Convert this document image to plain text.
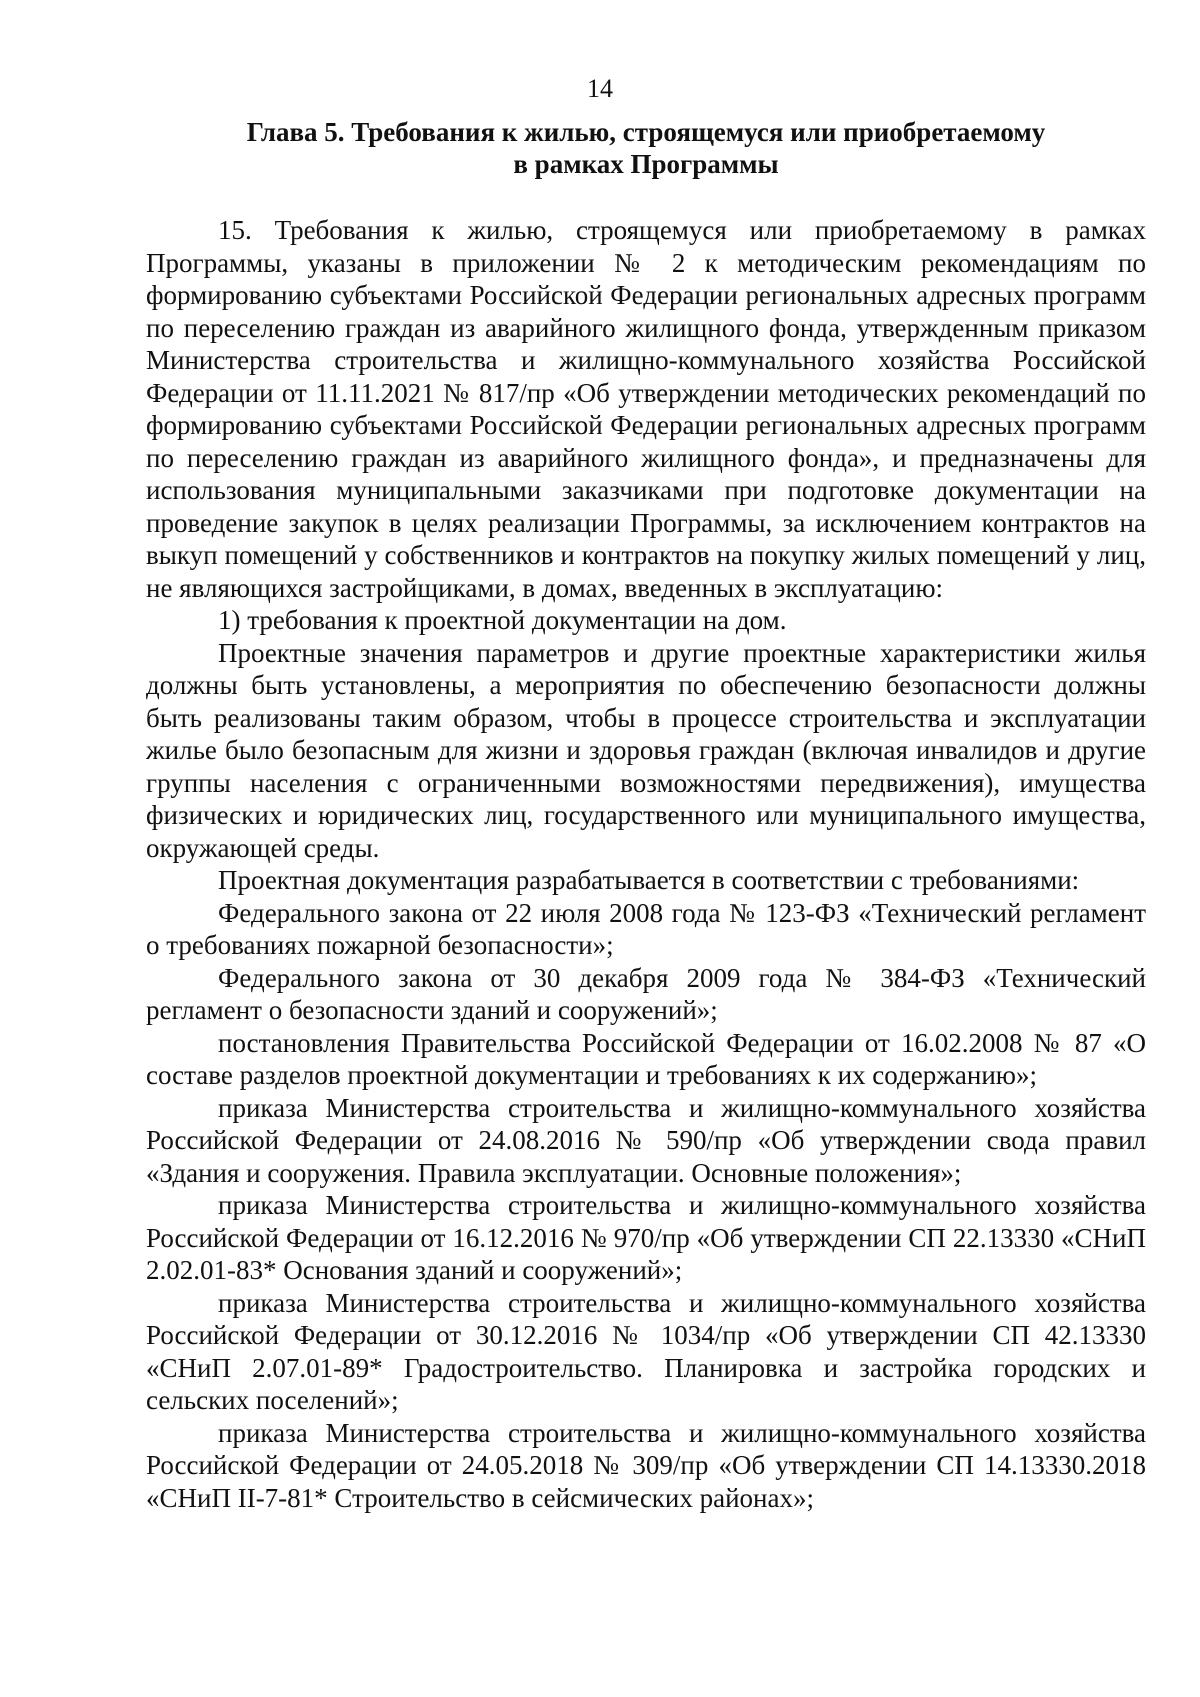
14
Глава 5. Требования к жилью, строящемуся или приобретаемому
в рамках Программы

15. Требования к жилью, строящемуся или приобретаемому в рамках Программы, указаны в приложении № 2 к методическим рекомендациям по формированию субъектами Российской Федерации региональных адресных программ по переселению граждан из аварийного жилищного фонда, утвержденным приказом Министерства строительства и жилищно-коммунального хозяйства Российской Федерации от 11.11.2021 № 817/пр «Об утверждении методических рекомендаций по формированию субъектами Российской Федерации региональных адресных программ по переселению граждан из аварийного жилищного фонда», и предназначены для использования муниципальными заказчиками при подготовке документации на проведение закупок в целях реализации Программы, за исключением контрактов на выкуп помещений у собственников и контрактов на покупку жилых помещений у лиц, не являющихся застройщиками, в домах, введенных в эксплуатацию:

1) требования к проектной документации на дом.

Проектные значения параметров и другие проектные характеристики жилья должны быть установлены, а мероприятия по обеспечению безопасности должны быть реализованы таким образом, чтобы в процессе строительства и эксплуатации жилье было безопасным для жизни и здоровья граждан (включая инвалидов и другие группы населения с ограниченными возможностями передвижения), имущества физических и юридических лиц, государственного или муниципального имущества, окружающей среды.

Проектная документация разрабатывается в соответствии с требованиями:

Федерального закона от 22 июля 2008 года № 123-ФЗ «Технический регламент о требованиях пожарной безопасности»;

Федерального закона от 30 декабря 2009 года № 384-ФЗ «Технический регламент о безопасности зданий и сооружений»;

постановления Правительства Российской Федерации от 16.02.2008 № 87 «О составе разделов проектной документации и требованиях к их содержанию»;

приказа Министерства строительства и жилищно-коммунального хозяйства Российской Федерации от 24.08.2016 № 590/пр «Об утверждении свода правил «Здания и сооружения. Правила эксплуатации. Основные положения»;

приказа Министерства строительства и жилищно-коммунального хозяйства Российской Федерации от 16.12.2016 № 970/пр «Об утверждении СП 22.13330 «СНиП 2.02.01-83* Основания зданий и сооружений»;

приказа Министерства строительства и жилищно-коммунального хозяйства Российской Федерации от 30.12.2016 № 1034/пр «Об утверждении СП 42.13330 «СНиП 2.07.01-89* Градостроительство. Планировка и застройка городских и сельских поселений»;

приказа Министерства строительства и жилищно-коммунального хозяйства Российской Федерации от 24.05.2018 № 309/пр «Об утверждении СП 14.13330.2018 «СНиП II-7-81* Строительство в сейсмических районах»;
